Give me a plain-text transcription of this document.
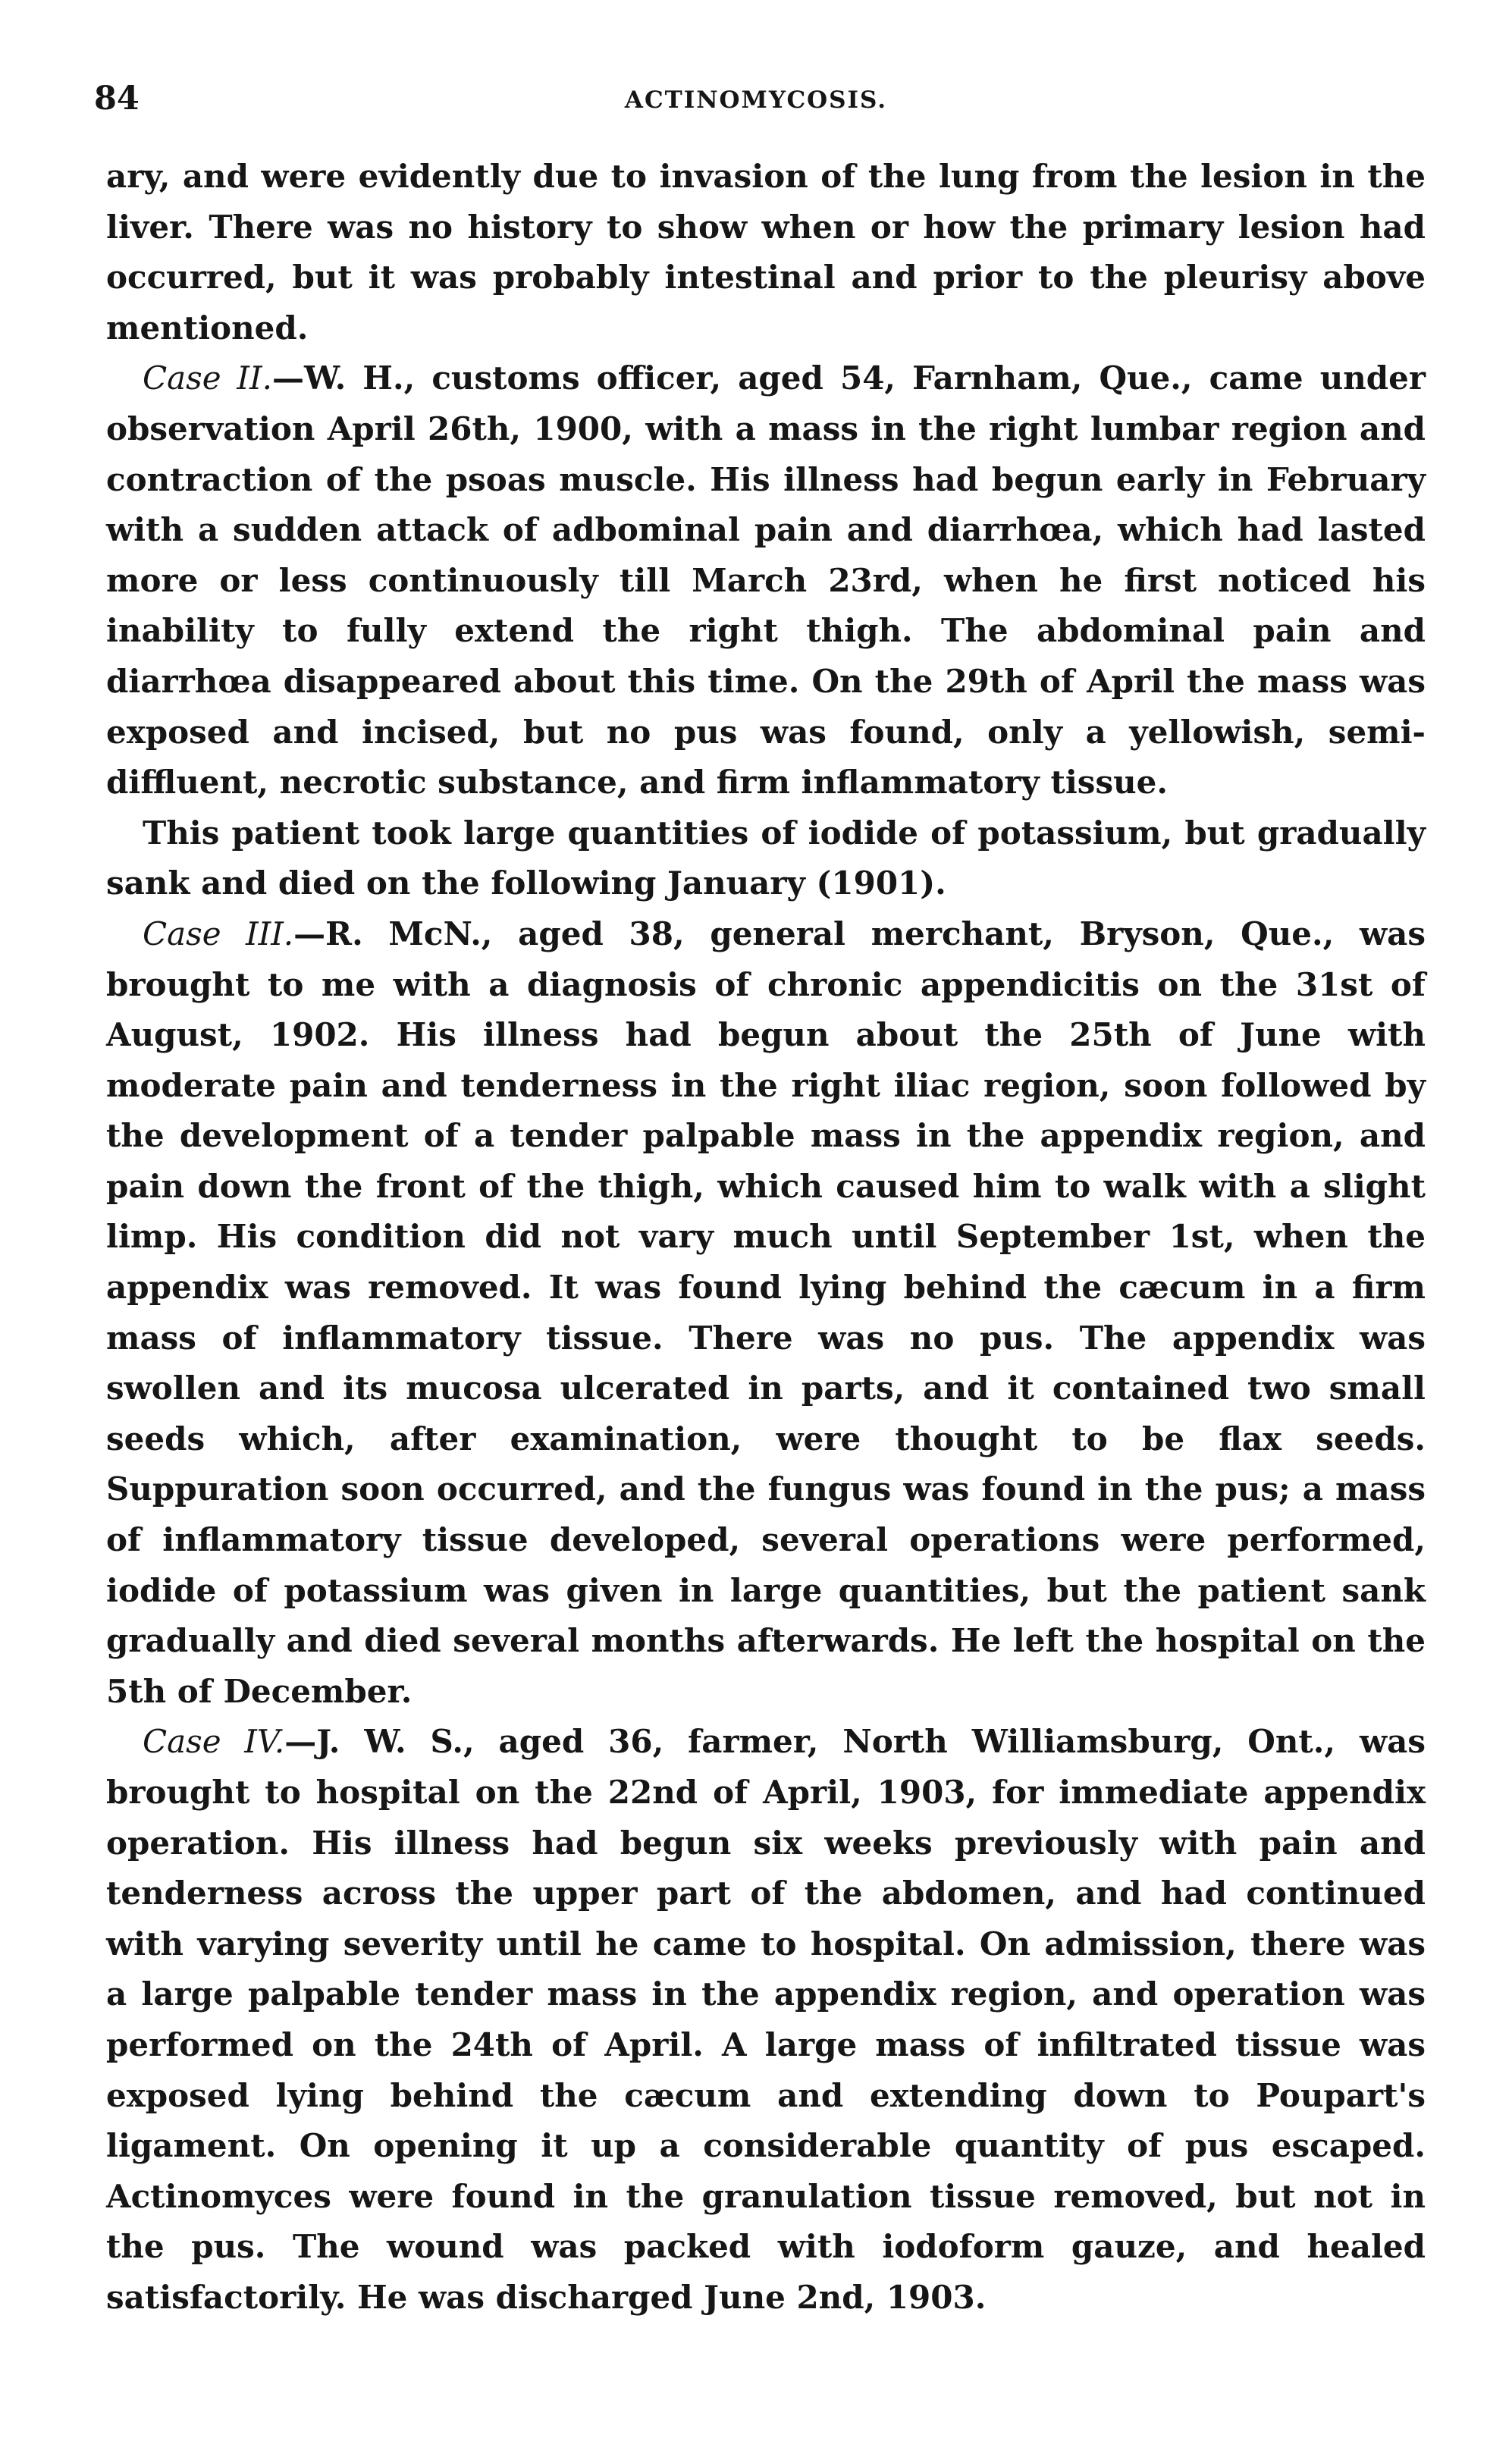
84	ACTINOMYCOSIS.

ary, and were evidently due to invasion of the lung from the lesion in the liver. There was no history to show when or how the primary lesion had occurred, but it was probably intestinal and prior to the pleurisy above mentioned.

Case II.—W. H., customs officer, aged 54, Farnham, Que., came under observation April 26th, 1900, with a mass in the right lumbar region and contraction of the psoas muscle. His illness had begun early in February with a sudden attack of adbominal pain and diarrhœa, which had lasted more or less continuously till March 23rd, when he first noticed his inability to fully extend the right thigh. The abdominal pain and diarrhœa disappeared about this time. On the 29th of April the mass was exposed and incised, but no pus was found, only a yellowish, semi-diffluent, necrotic substance, and firm inflammatory tissue.

This patient took large quantities of iodide of potassium, but gradually sank and died on the following January (1901).

Case III.—R. McN., aged 38, general merchant, Bryson, Que., was brought to me with a diagnosis of chronic appendicitis on the 31st of August, 1902. His illness had begun about the 25th of June with moderate pain and tenderness in the right iliac region, soon followed by the development of a tender palpable mass in the appendix region, and pain down the front of the thigh, which caused him to walk with a slight limp. His condition did not vary much until September 1st, when the appendix was removed. It was found lying behind the cæcum in a firm mass of inflammatory tissue. There was no pus. The appendix was swollen and its mucosa ulcerated in parts, and it contained two small seeds which, after examination, were thought to be flax seeds. Suppuration soon occurred, and the fungus was found in the pus; a mass of inflammatory tissue developed, several operations were performed, iodide of potassium was given in large quantities, but the patient sank gradually and died several months afterwards. He left the hospital on the 5th of December.

Case IV.—J. W. S., aged 36, farmer, North Williamsburg, Ont., was brought to hospital on the 22nd of April, 1903, for immediate appendix operation. His illness had begun six weeks previously with pain and tenderness across the upper part of the abdomen, and had continued with varying severity until he came to hospital. On admission, there was a large palpable tender mass in the appendix region, and operation was performed on the 24th of April. A large mass of infiltrated tissue was exposed lying behind the cæcum and extending down to Poupart's ligament. On opening it up a considerable quantity of pus escaped. Actinomyces were found in the granulation tissue removed, but not in the pus. The wound was packed with iodoform gauze, and healed satisfactorily. He was discharged June 2nd, 1903.
